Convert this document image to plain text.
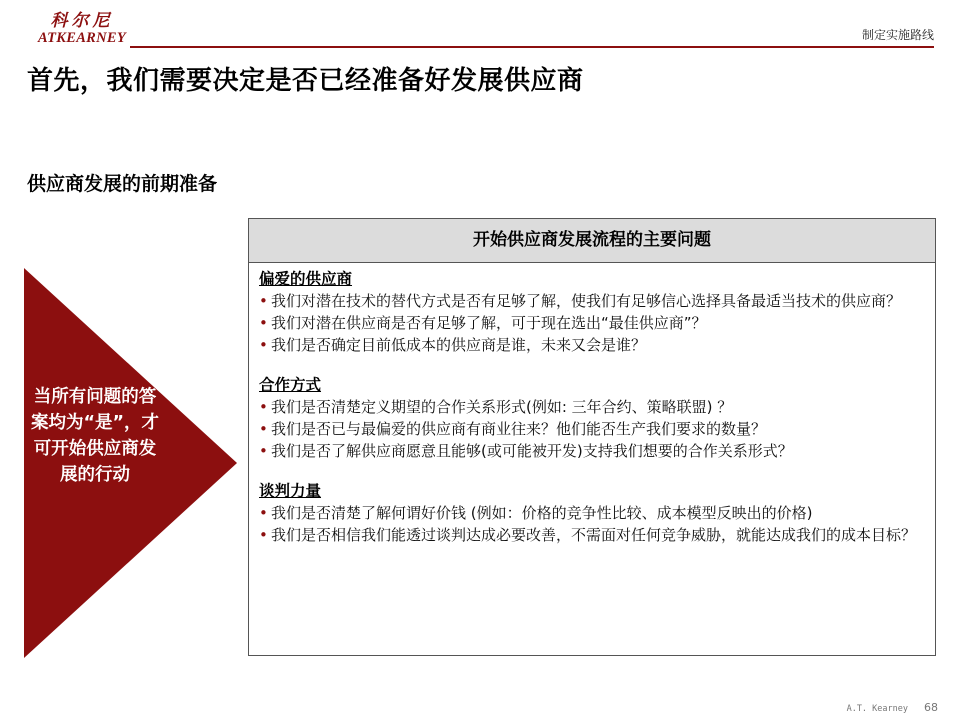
科尔尼
ATKEARNEY	制定实施路线
首先，我们需要决定是否已经准备好发展供应商
供应商发展的前期准备
当所有问题的答案均为“是”，才可开始供应商发展的行动
开始供应商发展流程的主要问题
偏爱的供应商
• 我们对潜在技术的替代方式是否有足够了解，使我们有足够信心选择具备最适当技术的供应商？
• 我们对潜在供应商是否有足够了解，可于现在选出“最佳供应商”？
• 我们是否确定目前低成本的供应商是谁，未来又会是谁？
合作方式
• 我们是否清楚定义期望的合作关系形式(例如: 三年合约、策略联盟) ？
• 我们是否已与最偏爱的供应商有商业往来？他们能否生产我们要求的数量？
• 我们是否了解供应商愿意且能够(或可能被开发)支持我们想要的合作关系形式？
谈判力量
• 我们是否清楚了解何谓好价钱 (例如：价格的竞争性比较、成本模型反映出的价格)
• 我们是否相信我们能透过谈判达成必要改善，不需面对任何竞争威胁，就能达成我们的成本目标？
A.T. Kearney 68
